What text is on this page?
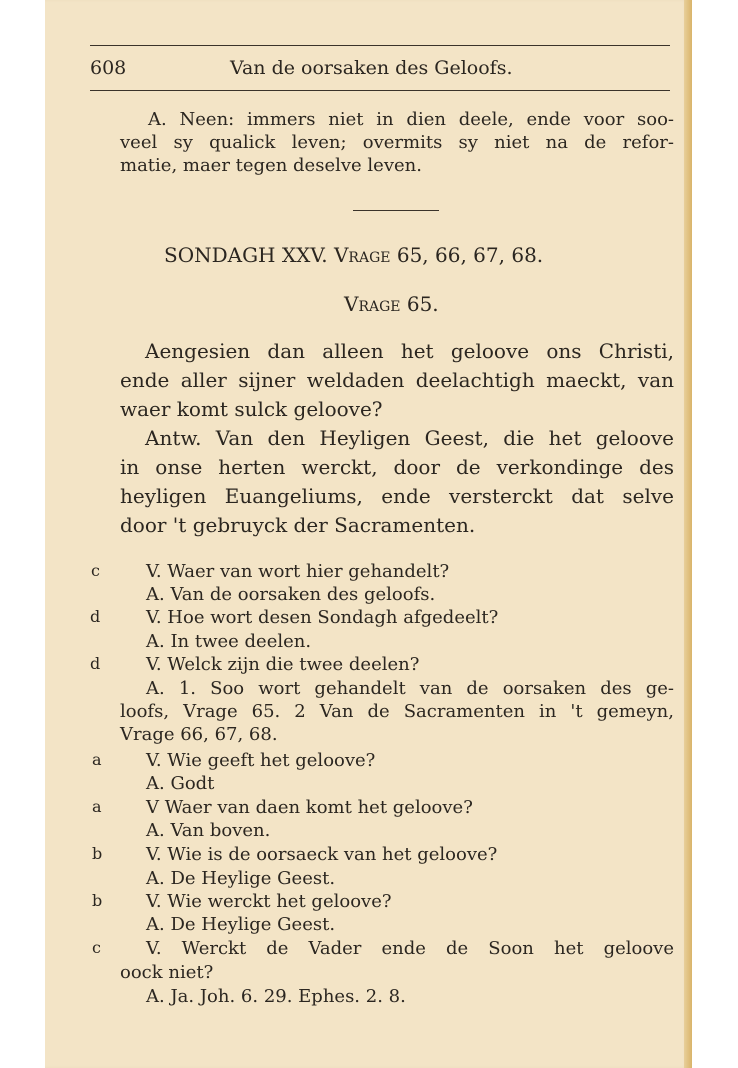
608	Van de oorsaken des Geloofs.
A. Neen: immers niet in dien deele, ende voor soo-
veel sy qualick leven; overmits sy niet na de refor-
matie, maer tegen deselve leven.
SONDAGH XXV. Vrage 65, 66, 67, 68.
Vrage 65.
Aengesien dan alleen het geloove ons Christi,
ende aller sijner weldaden deelachtigh maeckt, van
waer komt sulck geloove?
Antw. Van den Heyligen Geest, die het geloove
in onse herten werckt, door de verkondinge des
heyligen Euangeliums, ende versterckt dat selve
door 't gebruyck der Sacramenten.
c	V. Waer van wort hier gehandelt?
A. Van de oorsaken des geloofs.
d	V. Hoe wort desen Sondagh afgedeelt?
A. In twee deelen.
d	V. Welck zijn die twee deelen?
A. 1. Soo wort gehandelt van de oorsaken des ge-
loofs, Vrage 65. 2 Van de Sacramenten in 't gemeyn,
Vrage 66, 67, 68.
a V. Wie geeft het geloove?
A. Godt
a V Waer van daen komt het geloove?
A. Van boven.
b V. Wie is de oorsaeck van het geloove?
A. De Heylige Geest.
b V. Wie werckt het geloove?
A. De Heylige Geest.
c	V. Werckt de Vader ende de Soon het geloove
oock niet?
A. Ja. Joh. 6. 29. Ephes. 2. 8.
